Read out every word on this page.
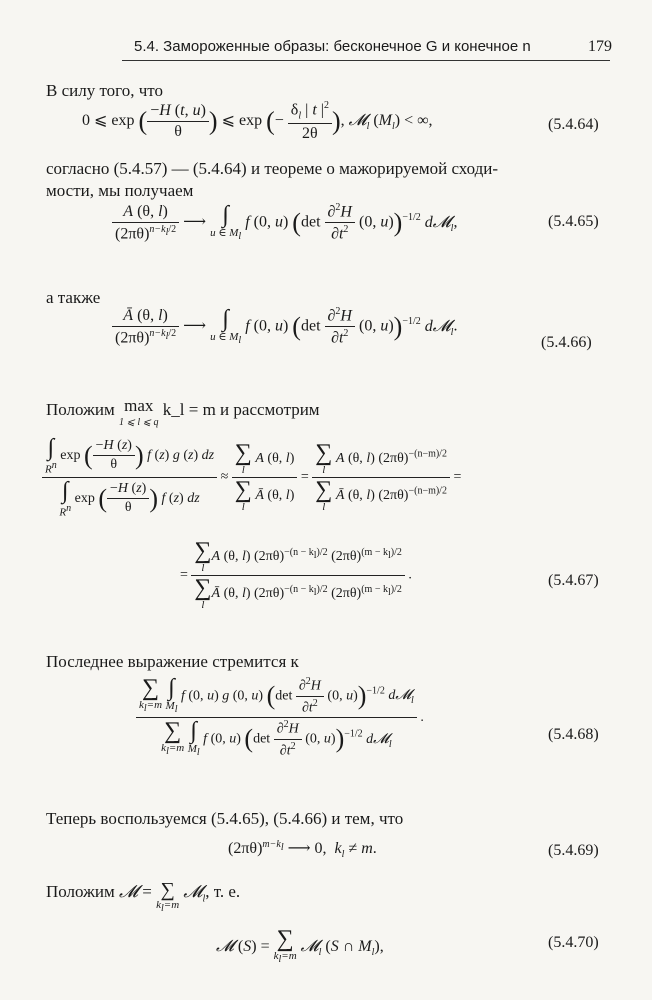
5.4. Замороженные образы: бесконечное G и конечное n	179
В силу того, что
0 ⩽ exp ( $\frac{-H (t, u)}{\theta}$ ) ⩽ exp (− $\frac{\delta_l | t |^2}{2\theta}$ ), 𝓜$_l$ $(M_l)$ < ∞,	(5.4.64)
согласно (5.4.57) — (5.4.64) и теореме о мажорируемой сходи-
мости, мы получаем
$\frac{A (\theta, l)}{(2\pi\theta)^{n-k_l/2}}$ ⟶ ∫
u ∈ $M_l$
f (0, u) ($\det \frac{\partial^2H}{\partial t^2} (0$, u))$^{-1/2}$ d𝓜$_l$,	(5.4.65)
а также
$\frac{Ā (\theta, l)}{(2\pi\theta)^{n-k_l/2}}$ ⟶ ∫
u ∈ $M_l$
f (0, u) ($\det \frac{\partial^2H}{\partial t^2} (0$, u))$^{-1/2}$ d𝓜$_l$.
(5.4.66)
Положим max
1 ⩽ l ⩽ q k_l = m и рассмотрим
∫
$R^n$
exp ( $\frac{-H (z)}{\theta}$ ) f (z) g (z) dz
∫
$R^n$
exp ( $\frac{-H (z)}{\theta}$ ) f (z) dz ≈ ∑
l
A (θ, l)
∑
l
Ā (θ, l) = ∑
l
A (θ, l) $(2\pi\theta)^{-(n-m)/2}$
∑
l
Ā (θ, l) $(2\pi\theta)^{-(n-m)/2}$ =
= ∑
l
A (θ, l) $(2\pi\theta)^{-(n - k_l)/2}$ $(2\pi\theta)^{(m - k_l)/2}$
∑
l
Ā (θ, l) $(2\pi\theta)^{-(n - k_l)/2}$ $(2\pi\theta)^{(m - k_l)/2}$ .	(5.4.67)
Последнее выражение стремится к
∑
$k_l=m$

∫
$M_l$
f (0, u) g (0, u) ($\det \frac{\partial^2H}{\partial t^2} (0$, u))$^{-1/2}$ d𝓜$_l$
∑
$k_l=m$

∫
$M_l$
f (0, u) ($\det \frac{\partial^2H}{\partial t^2} (0$, u))$^{-1/2}$ d𝓜$_l$ .
(5.4.68)
Теперь воспользуемся (5.4.65), (5.4.66) и тем, что
$(2\pi\theta)^{m-k_l}$ ⟶ 0,  $k_l \ne m$.	(5.4.69)
Положим 𝓜 = ∑
$k_l=m$
𝓜$_l$, т. е.
𝓜 (S) = ∑
$k_l=m$
𝓜$_l$ (S ∩ $M_l$),	(5.4.70)
